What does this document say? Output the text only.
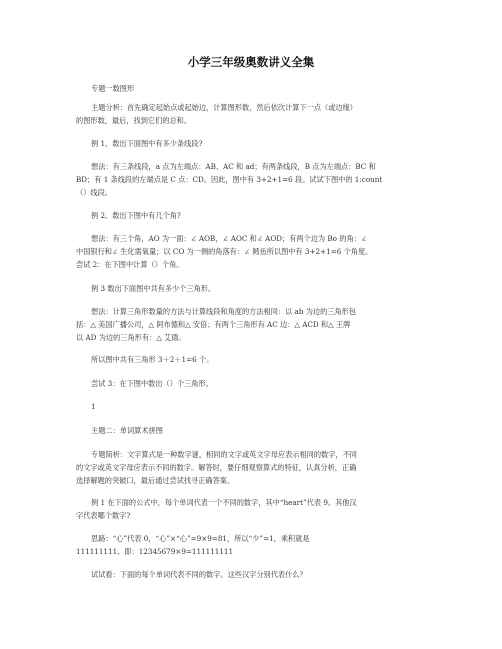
小学三年级奥数讲义全集

专题一数图形

主题分析：首先确定起始点或起始边，计算图形数，然后依次计算下一点（或边缘）
的图形数，最后，找到它们的总和。

例 1、数出下面图中有多少条线段?

想法：有三条线段，a 点为左端点：AB、AC 和 ad；有两条线段，B 点为左端点：BC 和
BD；有 1 条线段的左端点是 C 点：CD。因此，图中有 3+2+1=6 段。试试下图中的 1:count
（）线段。

例 2、数出下图中有几个角?

想法：有三个角，AO 为一面：∠ AOB，∠ AOC 和∠ AOD；有两个边为 Bo 的角：∠
中国银行和∠ 生化需氧量；以 CO 为一侧的角落有：∠ 鳕鱼所以图中有 3+2+1=6 个角度。
尝试 2：在下图中计算（）个角。

例 3 数出下面图中共有多少个三角形。

想法：计算三角形数量的方法与计算线段和角度的方法相同：以 ab 为边的三角形包
括：△ 美国广播公司，△ 阿布德和△ 安倍；有两个三角形有 AC 边：△ ACD 和△ 王牌
以 AD 为边的三角形有：△ 艾德。

所以图中共有三角形 3＋2＋1=6 个。

尝试 3：在下图中数出（）个三角形。

1

主题二：单词算术拼图

专题简析：文字算式是一种数字谜，相同的文字或英文字母应表示相同的数字，不同
的文字或英文字母应表示不同的数字。解答时，要仔细观察算式的特征，认真分析，正确
选择解题的突破口，最后通过尝试找寻正确答案。

例 1 在下面的公式中，每个单词代表一个不同的数字，其中“heart”代表 9。其他汉
字代表哪个数字?

思路：“心”代表 0，“心”×“心”=9×9=81，所以“少”=1，乘积就是
111111111。即：12345679×9=111111111

试试看：下面的每个单词代表不同的数字。这些汉字分别代表什么？
